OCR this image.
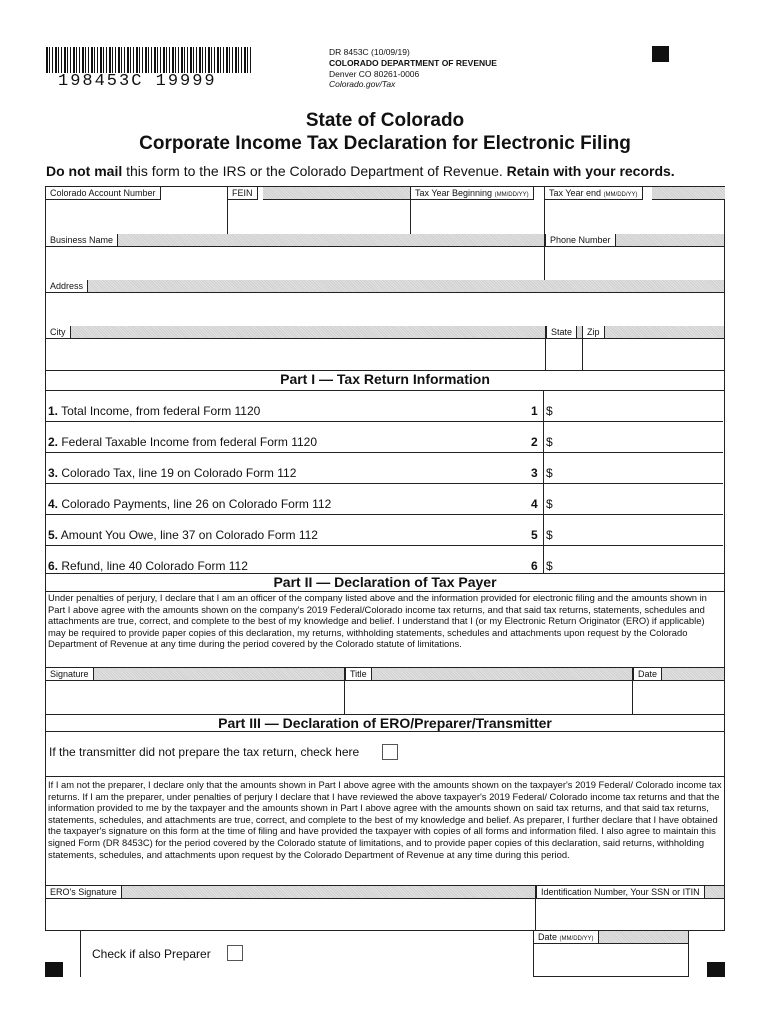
198453C 19999
DR 8453C (10/09/19)
COLORADO DEPARTMENT OF REVENUE
Denver CO 80261-0006
Colorado.gov/Tax
State of Colorado
Corporate Income Tax Declaration for Electronic Filing
Do not mail this form to the IRS or the Colorado Department of Revenue. Retain with your records.
Colorado Account Number	FEIN	Tax Year Beginning (MM/DD/YY)	Tax Year end (MM/DD/YY)
Business Name	Phone Number
Address
City	State	Zip
Part I — Tax Return Information
1. Total Income, from federal Form 1120	1 $
2. Federal Taxable Income from federal Form 1120	2 $
3. Colorado Tax, line 19 on Colorado Form 112	3 $
4. Colorado Payments, line 26 on Colorado Form 112	4 $
5. Amount You Owe, line 37 on Colorado Form 112	5 $
6. Refund, line 40 Colorado Form 112	6 $
Part II — Declaration of Tax Payer
Under penalties of perjury, I declare that I am an officer of the company listed above and the information provided for electronic filing and the amounts shown in Part I above agree with the amounts shown on the company's 2019 Federal/Colorado income tax returns, and that said tax returns, statements, schedules and attachments are true, correct, and complete to the best of my knowledge and belief. I understand that I (or my Electronic Return Originator (ERO) if applicable) may be required to provide paper copies of this declaration, my returns, withholding statements, schedules and attachments upon request by the Colorado Department of Revenue at any time during the period covered by the Colorado statute of limitations.
Signature	Title	Date
Part III — Declaration of ERO/Preparer/Transmitter
If the transmitter did not prepare the tax return, check here
If I am not the preparer, I declare only that the amounts shown in Part I above agree with the amounts shown on the taxpayer's 2019 Federal/ Colorado income tax returns. If I am the preparer, under penalties of perjury I declare that I have reviewed the above taxpayer's 2019 Federal/ Colorado income tax returns and that the information provided to me by the taxpayer and the amounts shown in Part I above agree with the amounts shown on said tax returns, and that said tax returns, statements, schedules, and attachments are true, correct, and complete to the best of my knowledge and belief. As preparer, I further declare that I have obtained the taxpayer's signature on this form at the time of filing and have provided the taxpayer with copies of all forms and information filed. I also agree to maintain this signed Form (DR 8453C) for the period covered by the Colorado statute of limitations, and to provide paper copies of this declaration, said returns, withholding statements, schedules, and attachments upon request by the Colorado Department of Revenue at any time during this period.
ERO's Signature	Identification Number, Your SSN or ITIN
Date (MM/DD/YY)
Check if also Preparer
